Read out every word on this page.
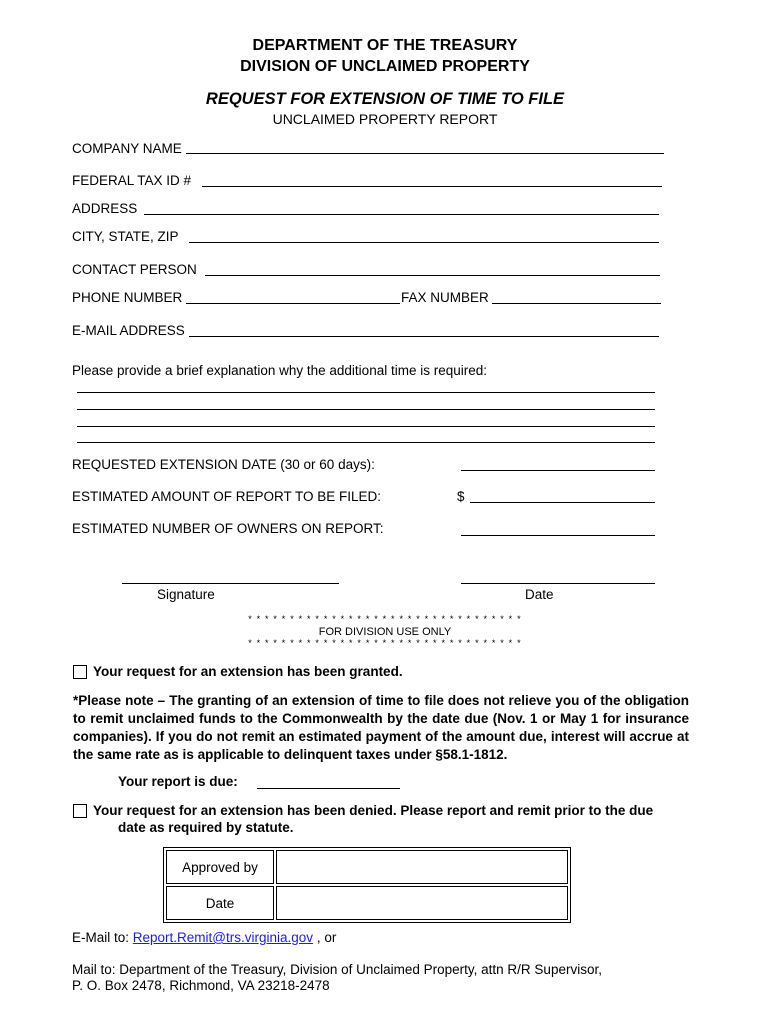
DEPARTMENT OF THE TREASURY
DIVISION OF UNCLAIMED PROPERTY
REQUEST FOR EXTENSION OF TIME TO FILE
UNCLAIMED PROPERTY REPORT
COMPANY NAME
FEDERAL TAX ID #
ADDRESS
CITY, STATE, ZIP
CONTACT PERSON
PHONE NUMBER	FAX NUMBER
E-MAIL ADDRESS
Please provide a brief explanation why the additional time is required:
REQUESTED EXTENSION DATE (30 or 60 days):
ESTIMATED AMOUNT OF REPORT TO BE FILED:	$
ESTIMATED NUMBER OF OWNERS ON REPORT:
Signature	Date
* * * * * * * * * * * * * * * * * * * * * * * * * * * * * * * * *
FOR DIVISION USE ONLY
* * * * * * * * * * * * * * * * * * * * * * * * * * * * * * * * *
Your request for an extension has been granted.
*Please note – The granting of an extension of time to file does not relieve you of the obligation to remit unclaimed funds to the Commonwealth by the date due (Nov. 1 or May 1 for insurance companies). If you do not remit an estimated payment of the amount due, interest will accrue at the same rate as is applicable to delinquent taxes under §58.1-1812.
Your report is due:
Your request for an extension has been denied. Please report and remit prior to the due
date as required by statute.
Approved by	
Date	
E-Mail to: Report.Remit@trs.virginia.gov , or
Mail to: Department of the Treasury, Division of Unclaimed Property, attn R/R Supervisor,
P. O. Box 2478, Richmond, VA 23218-2478
